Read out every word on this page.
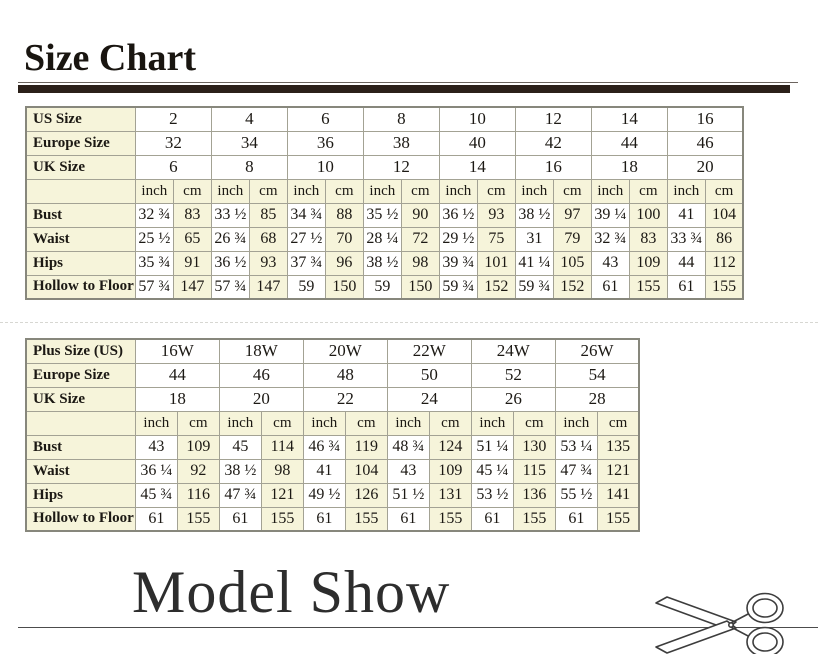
Size Chart
US Size	2		4		6		8		10		12		14		16	
Europe Size	32		34		36		38		40		42		44		46	
UK Size	6		8		10		12		14		16		18		20	
	inch	cm	inch	cm	inch	cm	inch	cm	inch	cm	inch	cm	inch	cm	inch	cm
Bust	32 ¾	83	33 ½	85	34 ¾	88	35 ½	90	36 ½	93	38 ½	97	39 ¼	100	41	104
Waist	25 ½	65	26 ¾	68	27 ½	70	28 ¼	72	29 ½	75	31	79	32 ¾	83	33 ¾	86
Hips	35 ¾	91	36 ½	93	37 ¾	96	38 ½	98	39 ¾	101	41 ¼	105	43	109	44	112
Hollow to Floor	57 ¾	147	57 ¾	147	59	150	59	150	59 ¾	152	59 ¾	152	61	155	61	155
Plus Size (US)	16W		18W		20W		22W		24W		26W	
Europe Size	44		46		48		50		52		54	
UK Size	18		20		22		24		26		28	
	inch	cm	inch	cm	inch	cm	inch	cm	inch	cm	inch	cm
Bust	43	109	45	114	46 ¾	119	48 ¾	124	51 ¼	130	53 ¼	135
Waist	36 ¼	92	38 ½	98	41	104	43	109	45 ¼	115	47 ¾	121
Hips	45 ¾	116	47 ¾	121	49 ½	126	51 ½	131	53 ½	136	55 ½	141
Hollow to Floor	61	155	61	155	61	155	61	155	61	155	61	155
Model Show
